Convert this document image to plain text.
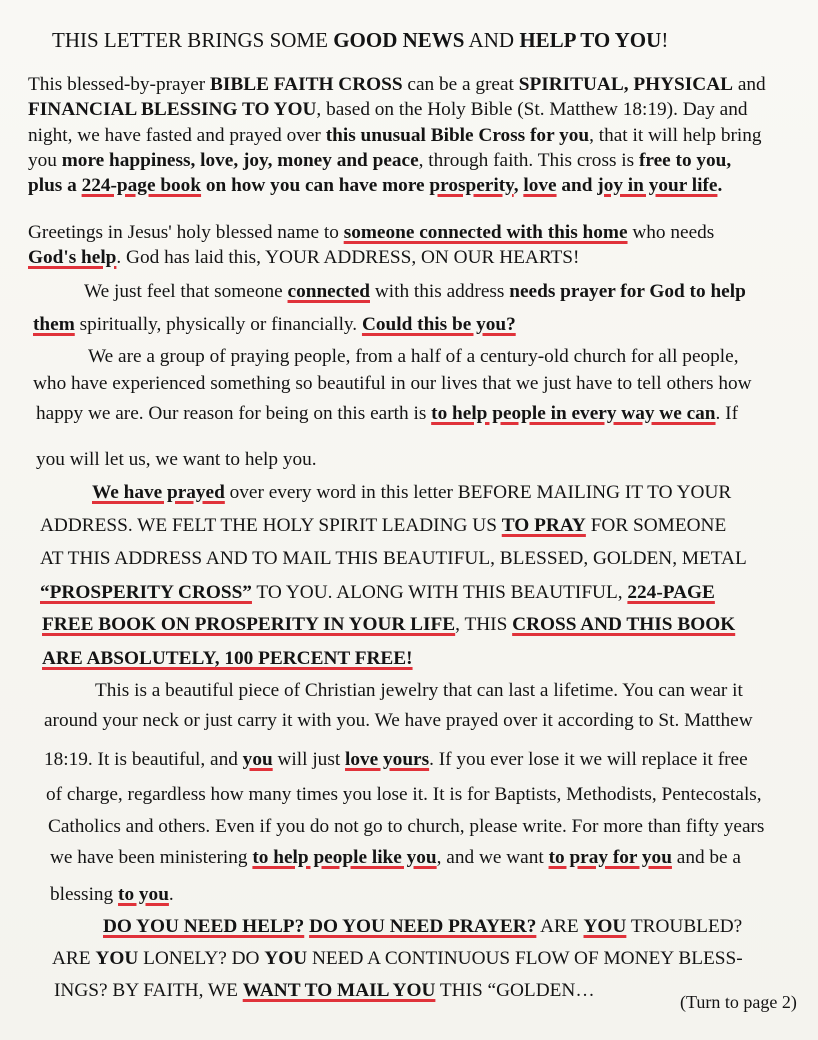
THIS LETTER BRINGS SOME GOOD NEWS AND HELP TO YOU!
This blessed-by-prayer BIBLE FAITH CROSS can be a great SPIRITUAL, PHYSICAL and
FINANCIAL BLESSING TO YOU, based on the Holy Bible (St. Matthew 18:19). Day and
night, we have fasted and prayed over this unusual Bible Cross for you, that it will help bring
you more happiness, love, joy, money and peace, through faith. This cross is free to you,
plus a 224-page book on how you can have more prosperity, love and joy in your life.
Greetings in Jesus' holy blessed name to someone connected with this home who needs
God's help. God has laid this, YOUR ADDRESS, ON OUR HEARTS!
We just feel that someone connected with this address needs prayer for God to help
them spiritually, physically or financially. Could this be you?
We are a group of praying people, from a half of a century-old church for all people,
who have experienced something so beautiful in our lives that we just have to tell others how
happy we are. Our reason for being on this earth is to help people in every way we can. If
you will let us, we want to help you.
We have prayed over every word in this letter BEFORE MAILING IT TO YOUR
ADDRESS. WE FELT THE HOLY SPIRIT LEADING US TO PRAY FOR SOMEONE
AT THIS ADDRESS AND TO MAIL THIS BEAUTIFUL, BLESSED, GOLDEN, METAL
“PROSPERITY CROSS” TO YOU. ALONG WITH THIS BEAUTIFUL, 224-PAGE
FREE BOOK ON PROSPERITY IN YOUR LIFE, THIS CROSS AND THIS BOOK
ARE ABSOLUTELY, 100 PERCENT FREE!
This is a beautiful piece of Christian jewelry that can last a lifetime. You can wear it
around your neck or just carry it with you. We have prayed over it according to St. Matthew
18:19. It is beautiful, and you will just love yours. If you ever lose it we will replace it free
of charge, regardless how many times you lose it. It is for Baptists, Methodists, Pentecostals,
Catholics and others. Even if you do not go to church, please write. For more than fifty years
we have been ministering to help people like you, and we want to pray for you and be a
blessing to you.
DO YOU NEED HELP? DO YOU NEED PRAYER? ARE YOU TROUBLED?
ARE YOU LONELY? DO YOU NEED A CONTINUOUS FLOW OF MONEY BLESS-
INGS? BY FAITH, WE WANT TO MAIL YOU THIS “GOLDEN…
(Turn to page 2)
